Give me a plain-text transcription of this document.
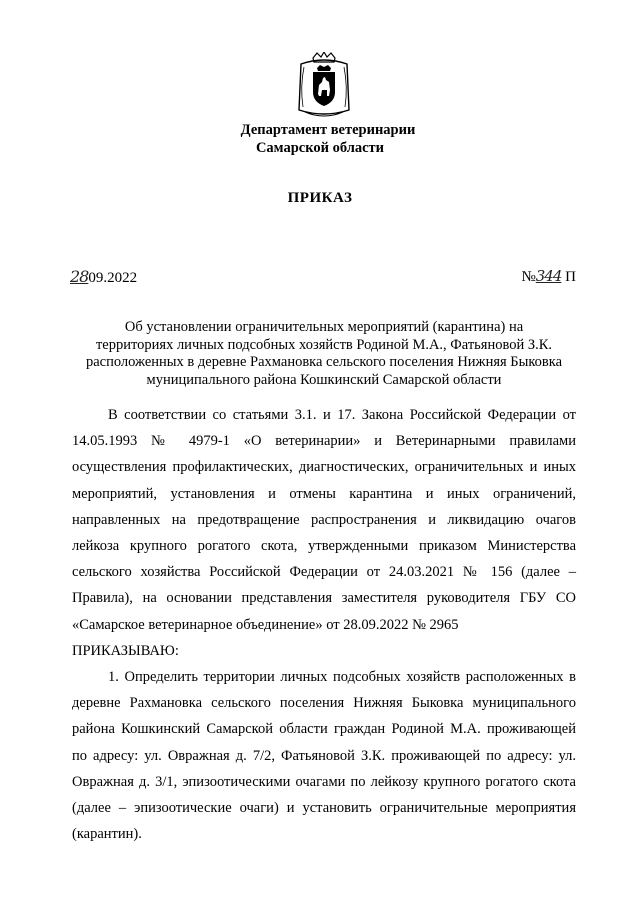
Департамент ветеринарии
Самарской области
ПРИКАЗ
2809.2022	№344 П
Об установлении ограничительных мероприятий (карантина) на
территориях личных подсобных хозяйств Родиной М.А., Фатьяновой З.К.
расположенных в деревне Рахмановка сельского поселения Нижняя Быковка
муниципального района Кошкинский Самарской области

В соответствии со статьями 3.1. и 17. Закона Российской Федерации от 14.05.1993 № 4979-1 «О ветеринарии» и Ветеринарными правилами осуществления профилактических, диагностических, ограничительных и иных мероприятий, установления и отмены карантина и иных ограничений, направленных на предотвращение распространения и ликвидацию очагов лейкоза крупного рогатого скота, утвержденными приказом Министерства сельского хозяйства Российской Федерации от 24.03.2021 № 156 (далее – Правила), на основании представления заместителя руководителя ГБУ СО «Самарское ветеринарное объединение» от 28.09.2022 № 2965

ПРИКАЗЫВАЮ:

1. Определить территории личных подсобных хозяйств расположенных в деревне Рахмановка сельского поселения Нижняя Быковка муниципального района Кошкинский Самарской области граждан Родиной М.А. проживающей по адресу: ул. Овражная д. 7/2, Фатьяновой З.К. проживающей по адресу: ул. Овражная д. 3/1, эпизоотическими очагами по лейкозу крупного рогатого скота (далее – эпизоотические очаги) и установить ограничительные мероприятия (карантин).
